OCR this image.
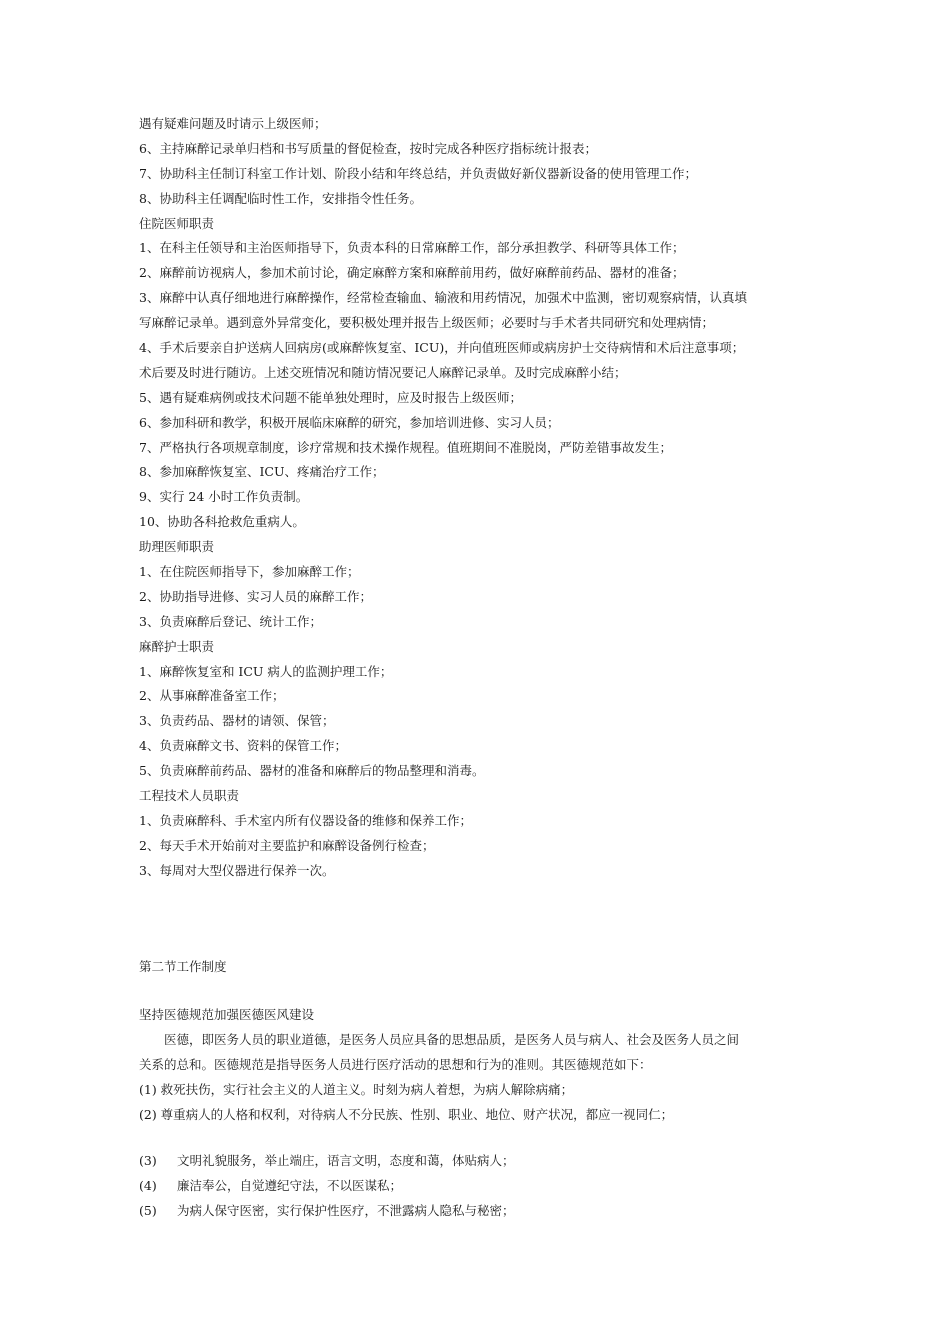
遇有疑难问题及时请示上级医师；
6、主持麻醉记录单归档和书写质量的督促检查，按时完成各种医疗指标统计报表；
7、协助科主任制订科室工作计划、阶段小结和年终总结，并负责做好新仪器新设备的使用管理工作；
8、协助科主任调配临时性工作，安排指令性任务。
住院医师职责
1、在科主任领导和主治医师指导下，负责本科的日常麻醉工作，部分承担教学、科研等具体工作；
2、麻醉前访视病人，参加术前讨论，确定麻醉方案和麻醉前用药，做好麻醉前药品、器材的准备；
3、麻醉中认真仔细地进行麻醉操作，经常检查输血、输液和用药情况，加强术中监测，密切观察病情，认真填
写麻醉记录单。遇到意外异常变化，要积极处理并报告上级医师；必要时与手术者共同研究和处理病情；
4、手术后要亲自护送病人回病房(或麻醉恢复室、ICU)，并向值班医师或病房护士交待病情和术后注意事项；
术后要及时进行随访。上述交班情况和随访情况要记人麻醉记录单。及时完成麻醉小结；
5、遇有疑难病例或技术问题不能单独处理时，应及时报告上级医师；
6、参加科研和教学，积极开展临床麻醉的研究，参加培训进修、实习人员；
7、严格执行各项规章制度，诊疗常规和技术操作规程。值班期间不准脱岗，严防差错事故发生；
8、参加麻醉恢复室、ICU、疼痛治疗工作；
9、实行 24 小时工作负责制。
10、协助各科抢救危重病人。
助理医师职责
1、在住院医师指导下，参加麻醉工作；
2、协助指导进修、实习人员的麻醉工作；
3、负责麻醉后登记、统计工作；
麻醉护士职责
1、麻醉恢复室和 ICU 病人的监测护理工作；
2、从事麻醉准备室工作；
3、负责药品、器材的请领、保管；
4、负责麻醉文书、资料的保管工作；
5、负责麻醉前药品、器材的准备和麻醉后的物品整理和消毒。
工程技术人员职责
1、负责麻醉科、手术室内所有仪器设备的维修和保养工作；
2、每天手术开始前对主要监护和麻醉设备例行检查；
3、每周对大型仪器进行保养一次。
第二节工作制度
坚持医德规范加强医德医风建设
　　医德，即医务人员的职业道德，是医务人员应具备的思想品质，是医务人员与病人、社会及医务人员之间
关系的总和。医德规范是指导医务人员进行医疗活动的思想和行为的准则。其医德规范如下：
(1) 救死扶伤，实行社会主义的人道主义。时刻为病人着想，为病人解除病痛；
(2) 尊重病人的人格和权利，对待病人不分民族、性别、职业、地位、财产状况，都应一视同仁；
(3)	文明礼貌服务，举止端庄，语言文明，态度和蔼，体贴病人；
(4)	廉洁奉公，自觉遵纪守法，不以医谋私；
(5)	为病人保守医密，实行保护性医疗，不泄露病人隐私与秘密；
